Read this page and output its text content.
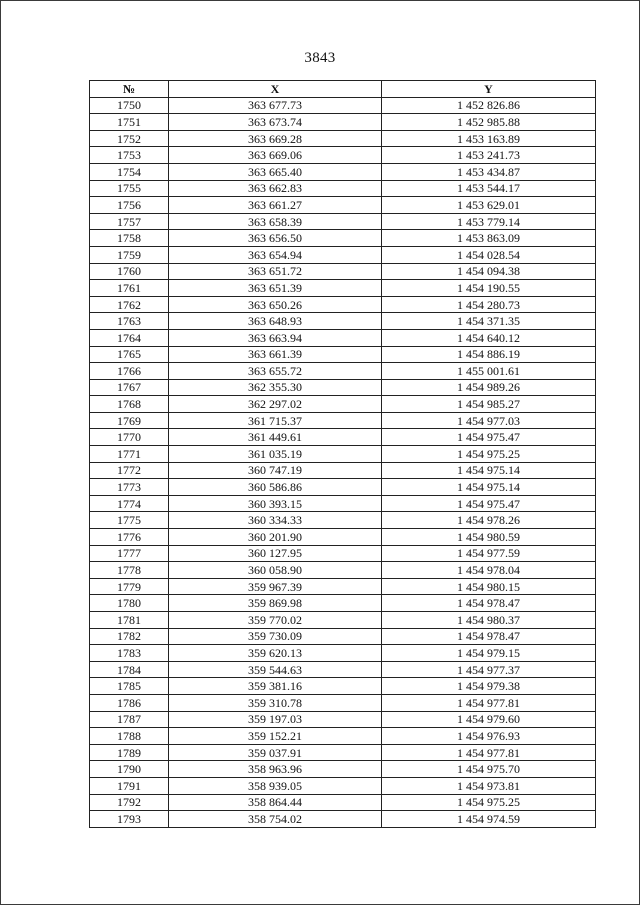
3843
№	X	Y
1750	363 677.73	1 452 826.86
1751	363 673.74	1 452 985.88
1752	363 669.28	1 453 163.89
1753	363 669.06	1 453 241.73
1754	363 665.40	1 453 434.87
1755	363 662.83	1 453 544.17
1756	363 661.27	1 453 629.01
1757	363 658.39	1 453 779.14
1758	363 656.50	1 453 863.09
1759	363 654.94	1 454 028.54
1760	363 651.72	1 454 094.38
1761	363 651.39	1 454 190.55
1762	363 650.26	1 454 280.73
1763	363 648.93	1 454 371.35
1764	363 663.94	1 454 640.12
1765	363 661.39	1 454 886.19
1766	363 655.72	1 455 001.61
1767	362 355.30	1 454 989.26
1768	362 297.02	1 454 985.27
1769	361 715.37	1 454 977.03
1770	361 449.61	1 454 975.47
1771	361 035.19	1 454 975.25
1772	360 747.19	1 454 975.14
1773	360 586.86	1 454 975.14
1774	360 393.15	1 454 975.47
1775	360 334.33	1 454 978.26
1776	360 201.90	1 454 980.59
1777	360 127.95	1 454 977.59
1778	360 058.90	1 454 978.04
1779	359 967.39	1 454 980.15
1780	359 869.98	1 454 978.47
1781	359 770.02	1 454 980.37
1782	359 730.09	1 454 978.47
1783	359 620.13	1 454 979.15
1784	359 544.63	1 454 977.37
1785	359 381.16	1 454 979.38
1786	359 310.78	1 454 977.81
1787	359 197.03	1 454 979.60
1788	359 152.21	1 454 976.93
1789	359 037.91	1 454 977.81
1790	358 963.96	1 454 975.70
1791	358 939.05	1 454 973.81
1792	358 864.44	1 454 975.25
1793	358 754.02	1 454 974.59
